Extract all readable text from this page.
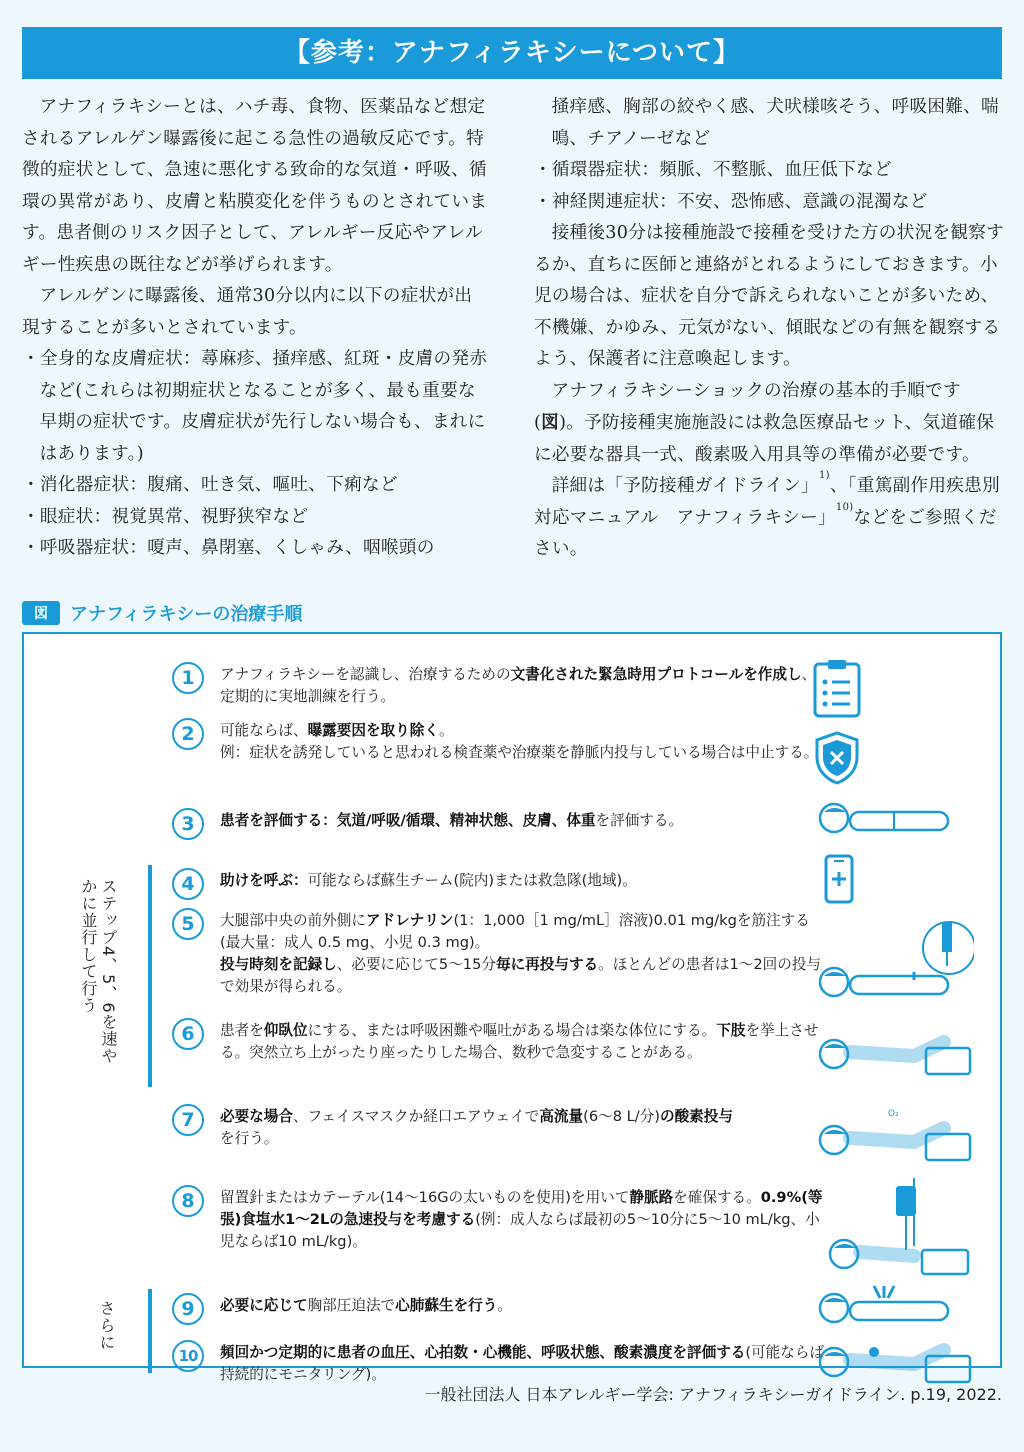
【参考：アナフィラキシーについて】

アナフィラキシーとは、ハチ毒、食物、医薬品など想定されるアレルゲン曝露後に起こる急性の過敏反応です。特徴的症状として、急速に悪化する致命的な気道・呼吸、循環の異常があり、皮膚と粘膜変化を伴うものとされています。患者側のリスク因子として、アレルギー反応やアレルギー性疾患の既往などが挙げられます。

アレルゲンに曝露後、通常30分以内に以下の症状が出現することが多いとされています。

・全身的な皮膚症状：蕁麻疹、掻痒感、紅斑・皮膚の発赤など(これらは初期症状となることが多く、最も重要な早期の症状です。皮膚症状が先行しない場合も、まれにはあります。)

・消化器症状：腹痛、吐き気、嘔吐、下痢など

・眼症状：視覚異常、視野狭窄など

・呼吸器症状：嗄声、鼻閉塞、くしゃみ、咽喉頭の

掻痒感、胸部の絞やく感、犬吠様咳そう、呼吸困難、喘鳴、チアノーゼなど

・循環器症状：頻脈、不整脈、血圧低下など

・神経関連症状：不安、恐怖感、意識の混濁など

接種後30分は接種施設で接種を受けた方の状況を観察するか、直ちに医師と連絡がとれるようにしておきます。小児の場合は、症状を自分で訴えられないことが多いため、不機嫌、かゆみ、元気がない、傾眠などの有無を観察するよう、保護者に注意喚起します。

アナフィラキシーショックの治療の基本的手順です(図)。予防接種実施施設には救急医療品セット、気道確保に必要な器具一式、酸素吸入用具等の準備が必要です。

詳細は「予防接種ガイドライン」$^{1)}$、「重篤副作用疾患別対応マニュアル　アナフィラキシー」$^{10)}$などをご参照ください。

図	アナフィラキシーの治療手順
ステップ4、5、6を速やかに並行して行う
さらに
1	アナフィラキシーを認識し、治療するための文書化された緊急時用プロトコールを作成し、定期的に実地訓練を行う。
2	可能ならば、曝露要因を取り除く。
例：症状を誘発していると思われる検査薬や治療薬を静脈内投与している場合は中止する。
3	患者を評価する：気道/呼吸/循環、精神状態、皮膚、体重を評価する。
4	助けを呼ぶ：可能ならば蘇生チーム(院内)または救急隊(地域)。
5	大腿部中央の前外側にアドレナリン(1：1,000［1 mg/mL］溶液)0.01 mg/kgを筋注する(最大量：成人 0.5 mg、小児 0.3 mg)。
投与時刻を記録し、必要に応じて5〜15分毎に再投与する。ほとんどの患者は1〜2回の投与で効果が得られる。
6	患者を仰臥位にする、または呼吸困難や嘔吐がある場合は楽な体位にする。下肢を挙上させる。突然立ち上がったり座ったりした場合、数秒で急変することがある。
7	必要な場合、フェイスマスクか経口エアウェイで高流量(6〜8 L/分)の酸素投与
を行う。
8	留置針またはカテーテル(14〜16Gの太いものを使用)を用いて静脈路を確保する。0.9%(等張)食塩水1〜2Lの急速投与を考慮する(例：成人ならば最初の5〜10分に5〜10 mL/kg、小児ならば10 mL/kg)。
9	必要に応じて胸部圧迫法で心肺蘇生を行う。
10	頻回かつ定期的に患者の血圧、心拍数・心機能、呼吸状態、酸素濃度を評価する(可能ならば持続的にモニタリング)。
O₂
一般社団法人 日本アレルギー学会: アナフィラキシーガイドライン. p.19, 2022.
